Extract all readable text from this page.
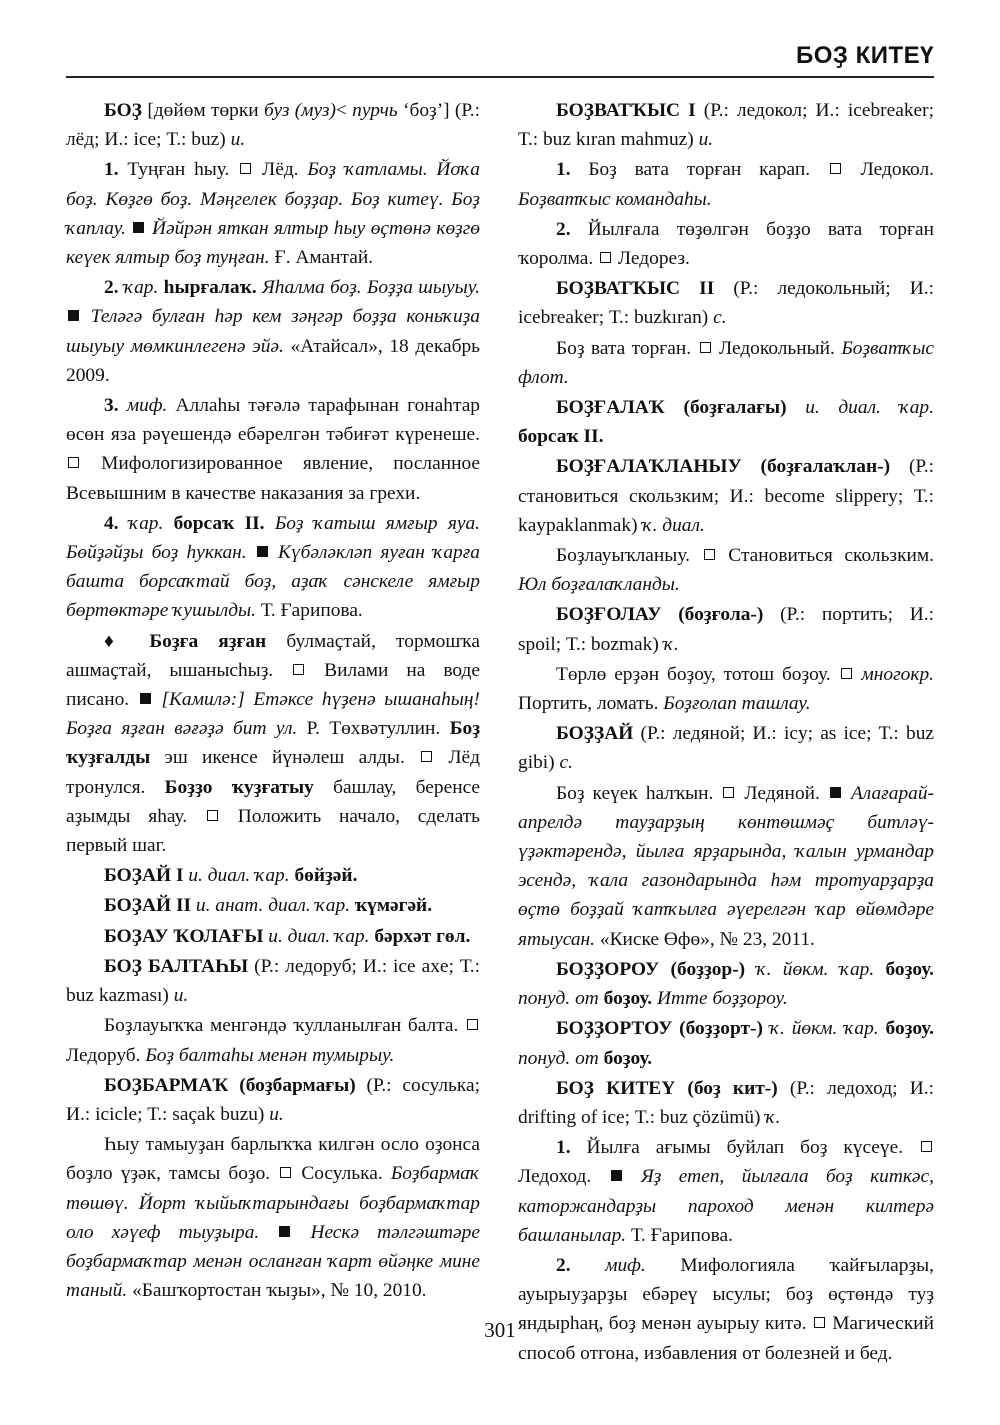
БОҘ КИТЕҮ

БОҘ [дөйөм төрки буз (муз)< пурчь ‘боҙ’] (Р.: лёд; И.: ice; Т.: buz) и.

1. Туңған һыу.  Лёд. Боҙ ҡатламы. Йоҡа боҙ. Көҙгө боҙ. Мәңгелек боҙҙар. Боҙ китеү. Боҙ ҡаплау. Йәйрән яткан ялтыр һыу өҫтөнә көҙгө кеүек ялтыр боҙ туңған. Ғ. Амантай.

2. ҡар. һырғалаҡ. Яһалма боҙ. Боҙҙа шыуыу.  Теләгә булған һәр кем зәңгәр боҙҙа коньҡиҙа шыуыу мөмкинлегенә эйә. «Атайсал», 18 декабрь 2009.

3. миф. Аллаһы тәғәлә тарафынан гонаһтар өсөн яза рәүешендә ебәрелгән тәбиғәт күренеше.  Мифологизированное явление, посланное Всевышним в качестве наказания за грехи.

4. ҡар. борсаҡ II. Боҙ ҡатыш ямғыр яуа. Бөйҙәйҙы боҙ һуккан. Күбәләкләп яуған ҡарға башта борсаҡтай боҙ, аҙаҡ сәнскеле ямғыр бөртөктәре ҡушылды. Т. Ғарипова.

♦ Боҙға яҙған булмаҫтай, тормошҡа ашмаҫтай, ышанысһыҙ.  Вилами на воде писано.  [Камилә:] Етәксе һүҙенә ышанаһың! Боҙға яҙған вәғәҙә бит ул. Р. Төхвәтуллин. Боҙ ҡуҙғалды эш икенсе йүнәлеш алды.  Лёд тронулся. Боҙҙо ҡуҙғатыу башлау, беренсе аҙымды яһау.  Положить начало, сделать первый шаг.

БОҘАЙ I и. диал. ҡар. бөйҙәй.

БОҘАЙ II и. анат. диал. ҡар. ҡүмәгәй.

БОҘАУ ҠОЛАҒЫ и. диал. ҡар. бәрхәт гөл.

БОҘ БАЛТАҺЫ (Р.: ледоруб; И.: ice axe; Т.: buz kazması) и.

Боҙлауыҡҡа менгәндә ҡулланылған балта.  Ледоруб. Боҙ балтаһы менән тумырыу.

БОҘБАРМАҠ (боҙбармағы) (Р.: сосулька; И.: icicle; Т.: saçak buzu) и.

Һыу тамыуҙан барлыҡҡа килгән осло оҙонса боҙло үҙәк, тамсы боҙо.  Сосулька. Боҙбармаҡ төшөү. Йорт ҡыйыҡтарындағы боҙбармаҡтар оло хәүеф тыуҙыра.	Нескә тәлгәштәре боҙбармаҡтар менән осланған ҡарт өйәңке мине таный. «Башҡортостан ҡыҙы», № 10, 2010.

БОҘВАТҠЫС I (Р.: ледокол; И.: icebreaker; Т.: buz kıran mahmuz) и.

1. Боҙ вата торған карап.  Ледокол. Боҙватҡыс командаһы.

2. Йылғала төҙөлгән боҙҙо вата торған ҡоролма.  Ледорез.

БОҘВАТҠЫС II (Р.: ледокольный; И.: icebreaker; Т.: buzkıran) с.

Боҙ вата торған.  Ледокольный. Боҙватҡыс флот.

БОҘҒАЛАҠ (боҙғалағы) и. диал. ҡар. борсаҡ II.

БОҘҒАЛАҠЛАНЫУ (боҙғалаҡлан-) (Р.: становиться скользким; И.: become slippery; Т.: kaypaklanmak) ҡ. диал.

Боҙлауыҡланыу.  Становиться скользким. Юл боҙғалаҡланды.

БОҘҒОЛАУ (боҙғола-) (Р.: портить; И.: spoil; Т.: bozmak) ҡ.

Төрлө ерҙән боҙоу, тотош боҙоу.  многокр. Портить, ломать. Боҙғолап ташлау.

БОҘҘАЙ (Р.: ледяной; И.: icy; as ice; Т.: buz gibi) с.

Боҙ кеүек һалҡын.  Ледяной.  Алағарай-апрелдә тауҙарҙың көнтөшмәҫ битләү-үҙәктәрендә, йылға ярҙарында, ҡалын урмандар эсендә, ҡала газондарында һәм тротуарҙарҙа өҫтө боҙҙай ҡатҡылға әүерелгән ҡар өйөмдәре ятыусан. «Киске Өфө», № 23, 2011.

БОҘҘОРОУ (боҙҙор-) ҡ. йөкм. ҡар. боҙоу. понуд. от боҙоу. Итте боҙҙороу.

БОҘҘОРТОУ (боҙҙорт-) ҡ. йөкм. ҡар. боҙоу. понуд. от боҙоу.

БОҘ КИТЕҮ (боҙ кит-) (Р.: ледоход; И.: drifting of ice; Т.: buz çözümü) ҡ.

1. Йылға ағымы буйлап боҙ күсеүе.  Ледоход.  Яҙ етеп, йылғала боҙ киткәс, каторжандарҙы пароход менән килтерә башланылар. Т. Ғарипова.

2. миф. Мифологияла ҡайғыларҙы, ауырыуҙарҙы ебәреү ысулы; боҙ өҫтөндә туҙ яндырһаң, боҙ менән ауырыу китә.  Магический способ отгона, избавления от болезней и бед.

301
